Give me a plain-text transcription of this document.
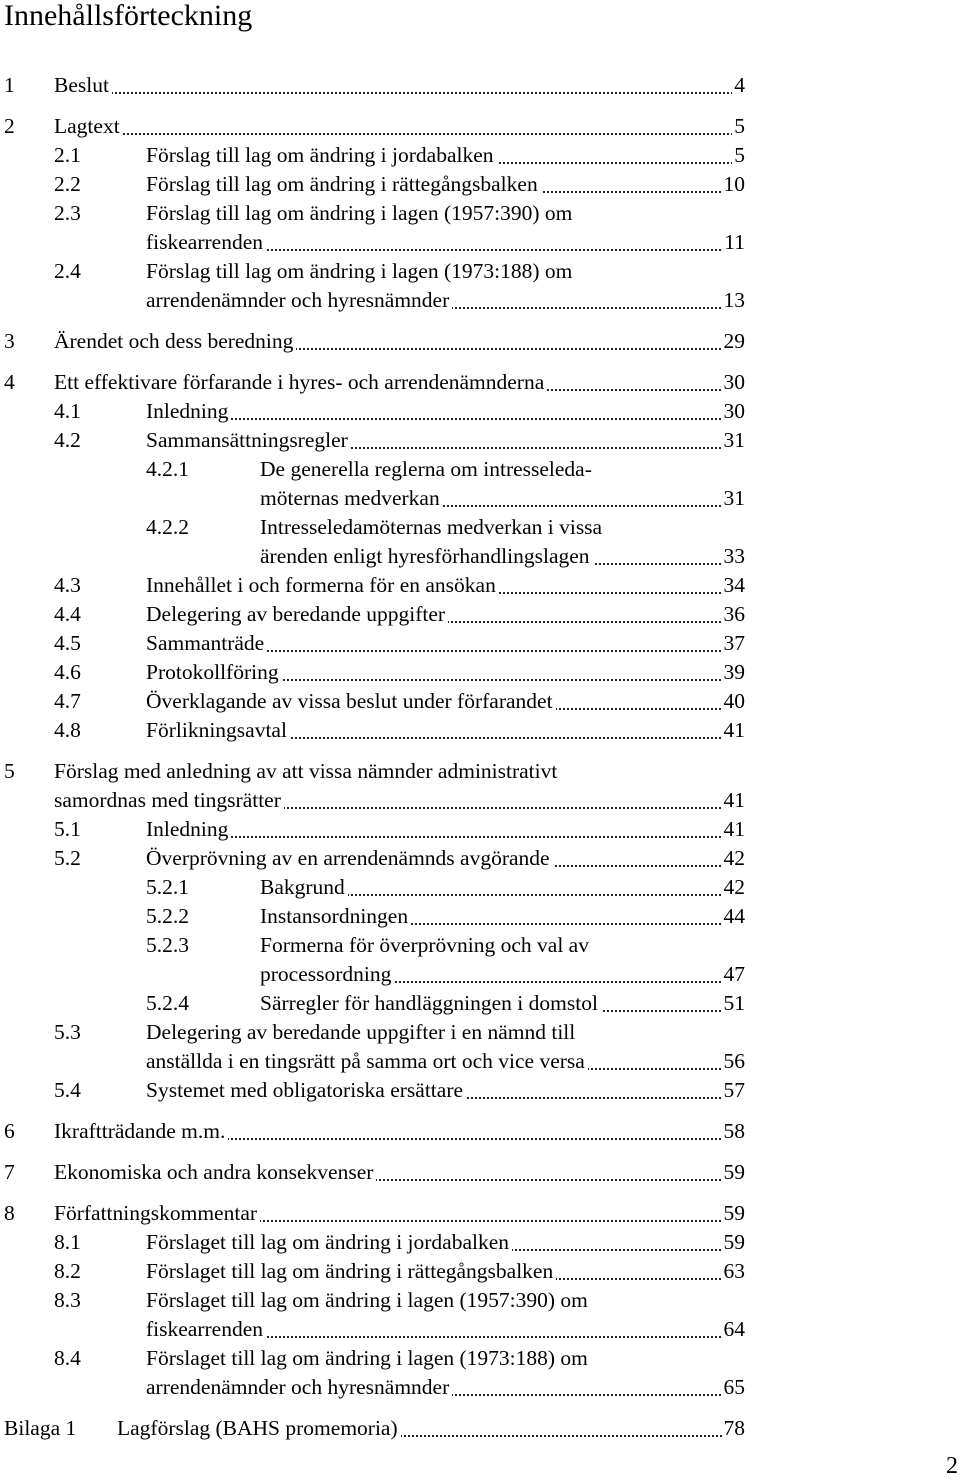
Innehållsförteckning
1 Beslut	4
2 Lagtext	5
2.1	Förslag till lag om ändring i jordabalken	5
2.2	Förslag till lag om ändring i rättegångsbalken	10
2.3	Förslag till lag om ändring i lagen (1957:390) om
fiskearrenden	11
2.4	Förslag till lag om ändring i lagen (1973:188) om
arrendenämnder och hyresnämnder	13
3 Ärendet och dess beredning	29
4 Ett effektivare förfarande i hyres- och arrendenämnderna	30
4.1	Inledning	30
4.2	Sammansättningsregler	31
4.2.1	De generella reglerna om intresseleda-
möternas medverkan	31
4.2.2	Intresseledamöternas medverkan i vissa
ärenden enligt hyresförhandlingslagen	33
4.3	Innehållet i och formerna för en ansökan	34
4.4	Delegering av beredande uppgifter	36
4.5	Sammanträde	37
4.6	Protokollföring	39
4.7	Överklagande av vissa beslut under förfarandet	40
4.8	Förlikningsavtal	41
5 Förslag med anledning av att vissa nämnder administrativt
samordnas med tingsrätter	41
5.1	Inledning	41
5.2	Överprövning av en arrendenämnds avgörande	42
5.2.1	Bakgrund	42
5.2.2	Instansordningen	44
5.2.3	Formerna för överprövning och val av
processordning	47
5.2.4	Särregler för handläggningen i domstol	51
5.3	Delegering av beredande uppgifter i en nämnd till
anställda i en tingsrätt på samma ort och vice versa	56
5.4	Systemet med obligatoriska ersättare	57
6 Ikraftträdande m.m.	58
7 Ekonomiska och andra konsekvenser	59
8 Författningskommentar	59
8.1	Förslaget till lag om ändring i jordabalken	59
8.2	Förslaget till lag om ändring i rättegångsbalken	63
8.3	Förslaget till lag om ändring i lagen (1957:390) om
fiskearrenden	64
8.4	Förslaget till lag om ändring i lagen (1973:188) om
arrendenämnder och hyresnämnder	65
Bilaga 1 Lagförslag (BAHS promemoria)	78
2
